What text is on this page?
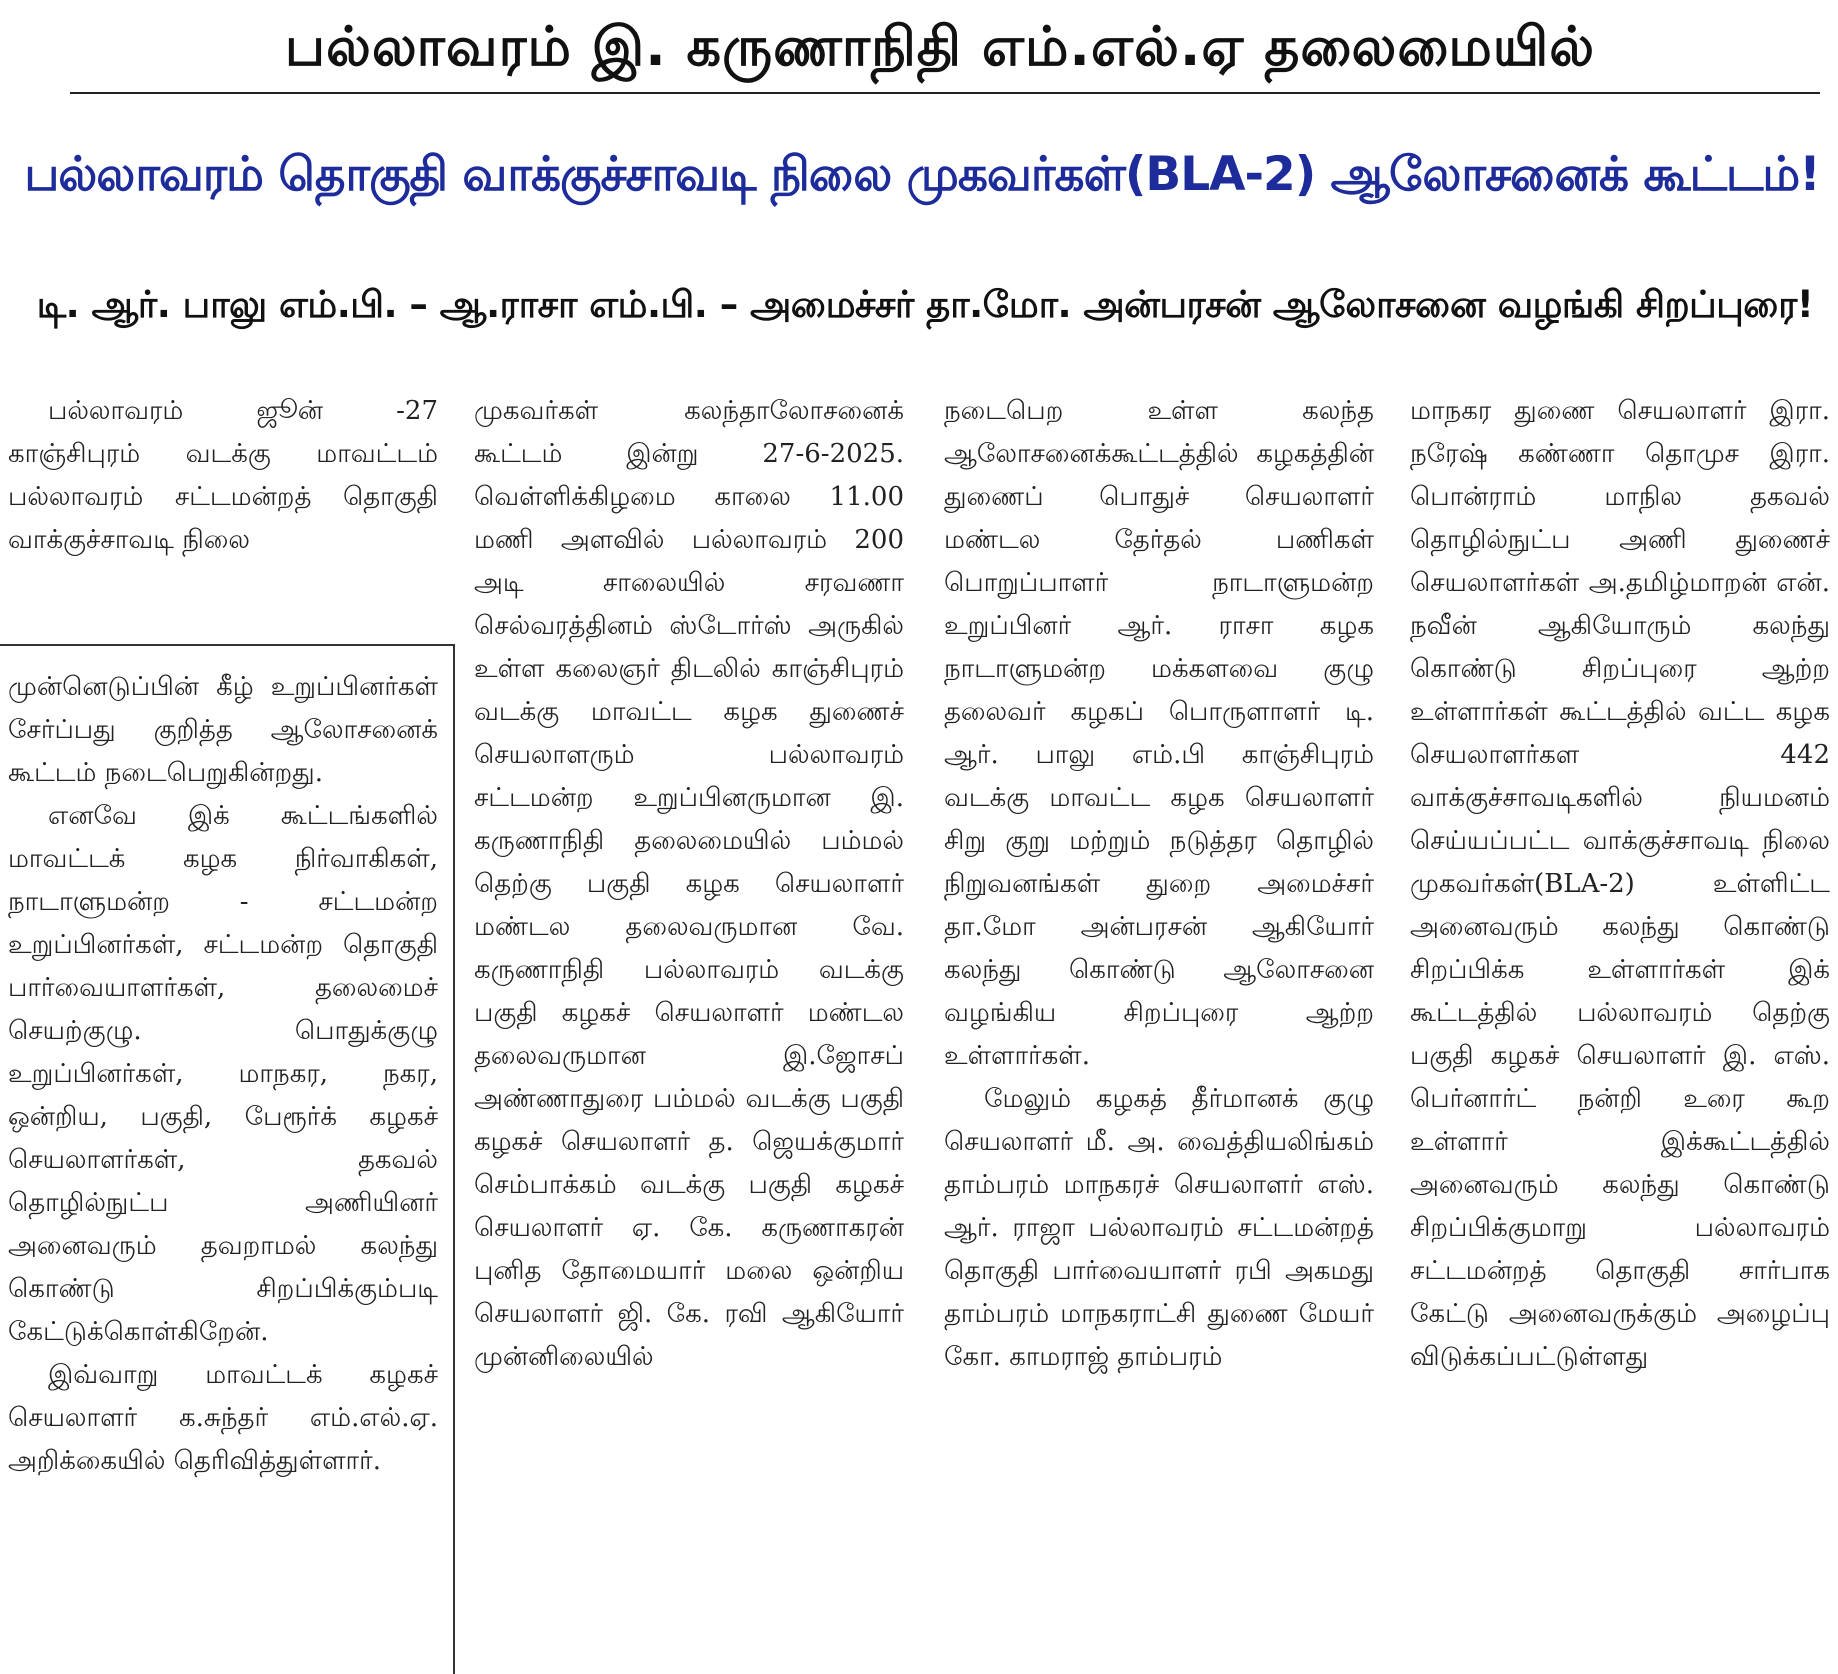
பல்லாவரம் இ. கருணாநிதி எம்.எல்.ஏ தலைமையில்
பல்லாவரம் தொகுதி வாக்குச்சாவடி நிலை முகவர்கள்(BLA-2) ஆலோசனைக் கூட்டம்!
டி. ஆர். பாலு எம்.பி. – ஆ.ராசா எம்.பி. – அமைச்சர் தா.மோ. அன்பரசன் ஆலோசனை வழங்கி சிறப்புரை!

பல்லாவரம் ஜூன் -27 காஞ்சிபுரம் வடக்கு மாவட்டம் பல்லாவரம் சட்டமன்றத் தொகுதி வாக்குச்சாவடி நிலை

முன்னெடுப்பின் கீழ் உறுப்பினர்கள் சேர்ப்பது குறித்த ஆலோசனைக் கூட்டம் நடைபெறுகின்றது.

எனவே இக் கூட்டங்களில் மாவட்டக் கழக நிர்வாகிகள், நாடாளுமன்ற - சட்டமன்ற உறுப்பினர்கள், சட்டமன்ற தொகுதி பார்வையாளர்கள், தலைமைச் செயற்குழு. பொதுக்குழு உறுப்பினர்கள், மாநகர, நகர, ஒன்றிய, பகுதி, பேரூர்க் கழகச் செயலாளர்கள், தகவல் தொழில்நுட்ப அணியினர் அனைவரும் தவறாமல் கலந்து கொண்டு சிறப்பிக்கும்படி கேட்டுக்கொள்கிறேன்.

இவ்வாறு மாவட்டக் கழகச் செயலாளர் க.சுந்தர் எம்.எல்.ஏ. அறிக்கையில் தெரிவித்துள்ளார்.

முகவர்கள் கலந்தாலோசனைக் கூட்டம் இன்று 27-6-2025. வெள்ளிக்கிழமை காலை 11.00 மணி அளவில் பல்லாவரம் 200 அடி சாலையில் சரவணா செல்வரத்தினம் ஸ்டோர்ஸ் அருகில் உள்ள கலைஞர் திடலில் காஞ்சிபுரம் வடக்கு மாவட்ட கழக துணைச் செயலாளரும் பல்லாவரம் சட்டமன்ற உறுப்பினருமான இ. கருணாநிதி தலைமையில் பம்மல் தெற்கு பகுதி கழக செயலாளர் மண்டல தலைவருமான வே. கருணாநிதி பல்லாவரம் வடக்கு பகுதி கழகச் செயலாளர் மண்டல தலைவருமான இ.ஜோசப் அண்ணாதுரை பம்மல் வடக்கு பகுதி கழகச் செயலாளர் த. ஜெயக்குமார் செம்பாக்கம் வடக்கு பகுதி கழகச் செயலாளர் ஏ. கே. கருணாகரன் புனித தோமையார் மலை ஒன்றிய செயலாளர் ஜி. கே. ரவி ஆகியோர் முன்னிலையில்

நடைபெற உள்ள கலந்த ஆலோசனைக்கூட்டத்தில் கழகத்தின் துணைப் பொதுச் செயலாளர் மண்டல தேர்தல் பணிகள் பொறுப்பாளர் நாடாளுமன்ற உறுப்பினர் ஆர். ராசா கழக நாடாளுமன்ற மக்களவை குழு தலைவர் கழகப் பொருளாளர் டி. ஆர். பாலு எம்.பி காஞ்சிபுரம் வடக்கு மாவட்ட கழக செயலாளர் சிறு குறு மற்றும் நடுத்தர தொழில் நிறுவனங்கள் துறை அமைச்சர் தா.மோ அன்பரசன் ஆகியோர் கலந்து கொண்டு ஆலோசனை வழங்கிய சிறப்புரை ஆற்ற உள்ளார்கள்.

மேலும் கழகத் தீர்மானக் குழு செயலாளர் மீ. அ. வைத்தியலிங்கம் தாம்பரம் மாநகரச் செயலாளர் எஸ். ஆர். ராஜா பல்லாவரம் சட்டமன்றத் தொகுதி பார்வையாளர் ரபி அகமது தாம்பரம் மாநகராட்சி துணை மேயர் கோ. காமராஜ் தாம்பரம்

மாநகர துணை செயலாளர் இரா. நரேஷ் கண்ணா தொமுச இரா. பொன்ராம் மாநில தகவல் தொழில்நுட்ப அணி துணைச் செயலாளர்கள் அ.தமிழ்மாறன் என். நவீன் ஆகியோரும் கலந்து கொண்டு சிறப்புரை ஆற்ற உள்ளார்கள் கூட்டத்தில் வட்ட கழக செயலாளர்கள 442 வாக்குச்சாவடிகளில் நியமனம் செய்யப்பட்ட வாக்குச்சாவடி நிலை முகவர்கள்(BLA-2) உள்ளிட்ட அனைவரும் கலந்து கொண்டு சிறப்பிக்க உள்ளார்கள் இக் கூட்டத்தில் பல்லாவரம் தெற்கு பகுதி கழகச் செயலாளர் இ. எஸ். பெர்னார்ட் நன்றி உரை கூற உள்ளார் இக்கூட்டத்தில் அனைவரும் கலந்து கொண்டு சிறப்பிக்குமாறு பல்லாவரம் சட்டமன்றத் தொகுதி சார்பாக கேட்டு அனைவருக்கும் அழைப்பு விடுக்கப்பட்டுள்ளது
